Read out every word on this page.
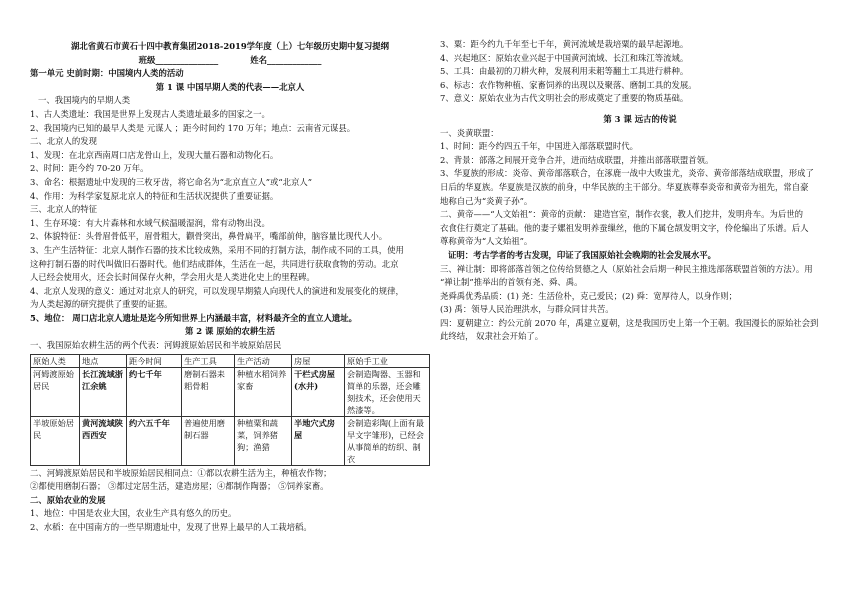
湖北省黄石市黄石十四中教育集团2018-2019学年度（上）七年级历史期中复习提纲

班级_______________           姓名_____________

第一单元 史前时期：中国境内人类的活动

第 1 课 中国早期人类的代表——北京人

一、我国境内的早期人类

1、古人类遗址：我国是世界上发现古人类遗址最多的国家之一。

2、我国境内已知的最早人类是 元谋人 ；距今时间约 170 万年；地点：云南省元谋县。

二、北京人的发现

1、发现：在北京西南周口店龙骨山上，发现大量石器和动物化石。

2、时间：距今约 70-20 万年。

3、命名：根据遗址中发现的三枚牙齿，将它命名为“北京直立人”或“北京人”

4、作用：为科学家复原北京人的特征和生活状况提供了重要证据。

三、北京人的特征

1、生存环境：有大片森林和水域气候温暖湿润，常有动物出没。

2、体貌特征：头骨眉骨低平，眉骨粗大，颧骨突出，鼻骨扁平，嘴部前伸，脑容量比现代人小。

3、生产生活特征：北京人制作石器的技术比较成熟，采用不同的打制方法，制作成不同的工具，使用

这种打制石器的时代叫做旧石器时代。他们结成群体，生活在一起，共同进行获取食物的劳动。北京

人已经会使用火，还会长时间保存火种，学会用火是人类进化史上的里程碑。

4、北京人发现的意义：通过对北京人的研究，可以发现早期猿人向现代人的演进和发展变化的规律，

为人类起源的研究提供了重要的证据。

5、地位： 周口店北京人遗址是迄今所知世界上内涵最丰富，材料最齐全的直立人遗址。

第 2 课 原始的农耕生活

一、我国原始农耕生活的两个代表：河姆渡原始居民和半坡原始居民

原始人类	地点	距今时间	生产工具	生产活动	房屋	原始手工业
河姆渡原始居民	长江流域浙江余姚	约七千年	磨制石器耒耜骨耜	种植水稻饲养家畜	干栏式房屋(水井)	会制造陶器、玉器和简单的乐器，还会雕刻技术，还会使用天然漆等。
半坡原始居民	黄河流域陕西西安	约六五千年	普遍使用磨制石器	种植粟和蔬菜，饲养猪狗；渔猎	半地穴式房屋	会制造彩陶(上面有最早文字雏形)，已经会从事简单的纺织、制衣

二、河姆渡原始居民和半坡原始居民相同点：①都以农耕生活为主，种植农作物；

②都使用磨制石器； ③都过定居生活，建造房屋；④都制作陶器； ⑤饲养家畜。

二、原始农业的发展

1、地位：中国是农业大国，农业生产具有悠久的历史。

2、水稻：在中国南方的一些早期遗址中，发现了世界上最早的人工栽培稻。

3、粟：距今约九千年至七千年，黄河流域是栽培粟的最早起源地。

4、兴起地区：原始农业兴起于中国黄河流域、长江和珠江等流域。

5、工具：由最初的刀耕火种，发展利用耒耜等翻土工具进行耕种。

6、标志：农作物种植、家畜饲养的出现以及聚落、磨制工具的发展。

7、意义：原始农业为古代文明社会的形成奠定了重要的物质基础。

第 3 课 远古的传说

一、炎黄联盟：

1、时间：距今约四五千年，中国进入部落联盟时代。

2、背景：部落之间展开竞争合并，进而结成联盟，并推出部落联盟首领。

3、华夏族的形成：炎帝、黄帝部落联合，在涿鹿一战中大败蚩尤，炎帝、黄帝部落结成联盟，形成了

日后的华夏族。华夏族是汉族的前身，中华民族的主干部分。华夏族尊奉炎帝和黄帝为祖先，常自豪

地称自己为“炎黄子孙”。

二、黄帝——“人文始祖”：黄帝的贡献： 建造宫室，制作衣裳，教人们挖井，发明舟车。为后世的

衣食住行奠定了基础。他的妻子嫘祖发明养蚕缫丝，他的下属仓颉发明文字，伶伦编出了乐谱。后人

尊称黄帝为“人文始祖”。

证明：考古学者的考古发现，印证了我国原始社会晚期的社会发展水平。

三、禅让制：即将部落首领之位传给贤德之人（原始社会后期一种民主推选部落联盟首领的方法）。用

“禅让制”推举出的首领有尧、舜、禹。

尧舜禹优秀品质：(1) 尧：生活俭朴，克己爱民；(2) 舜：宽厚待人，以身作则；

(3) 禹：领导人民治理洪水，与群众同甘共苦。

四：夏朝建立：约公元前 2070 年，禹建立夏朝，这是我国历史上第一个王朝。我国漫长的原始社会到

此终结， 奴隶社会开始了。
